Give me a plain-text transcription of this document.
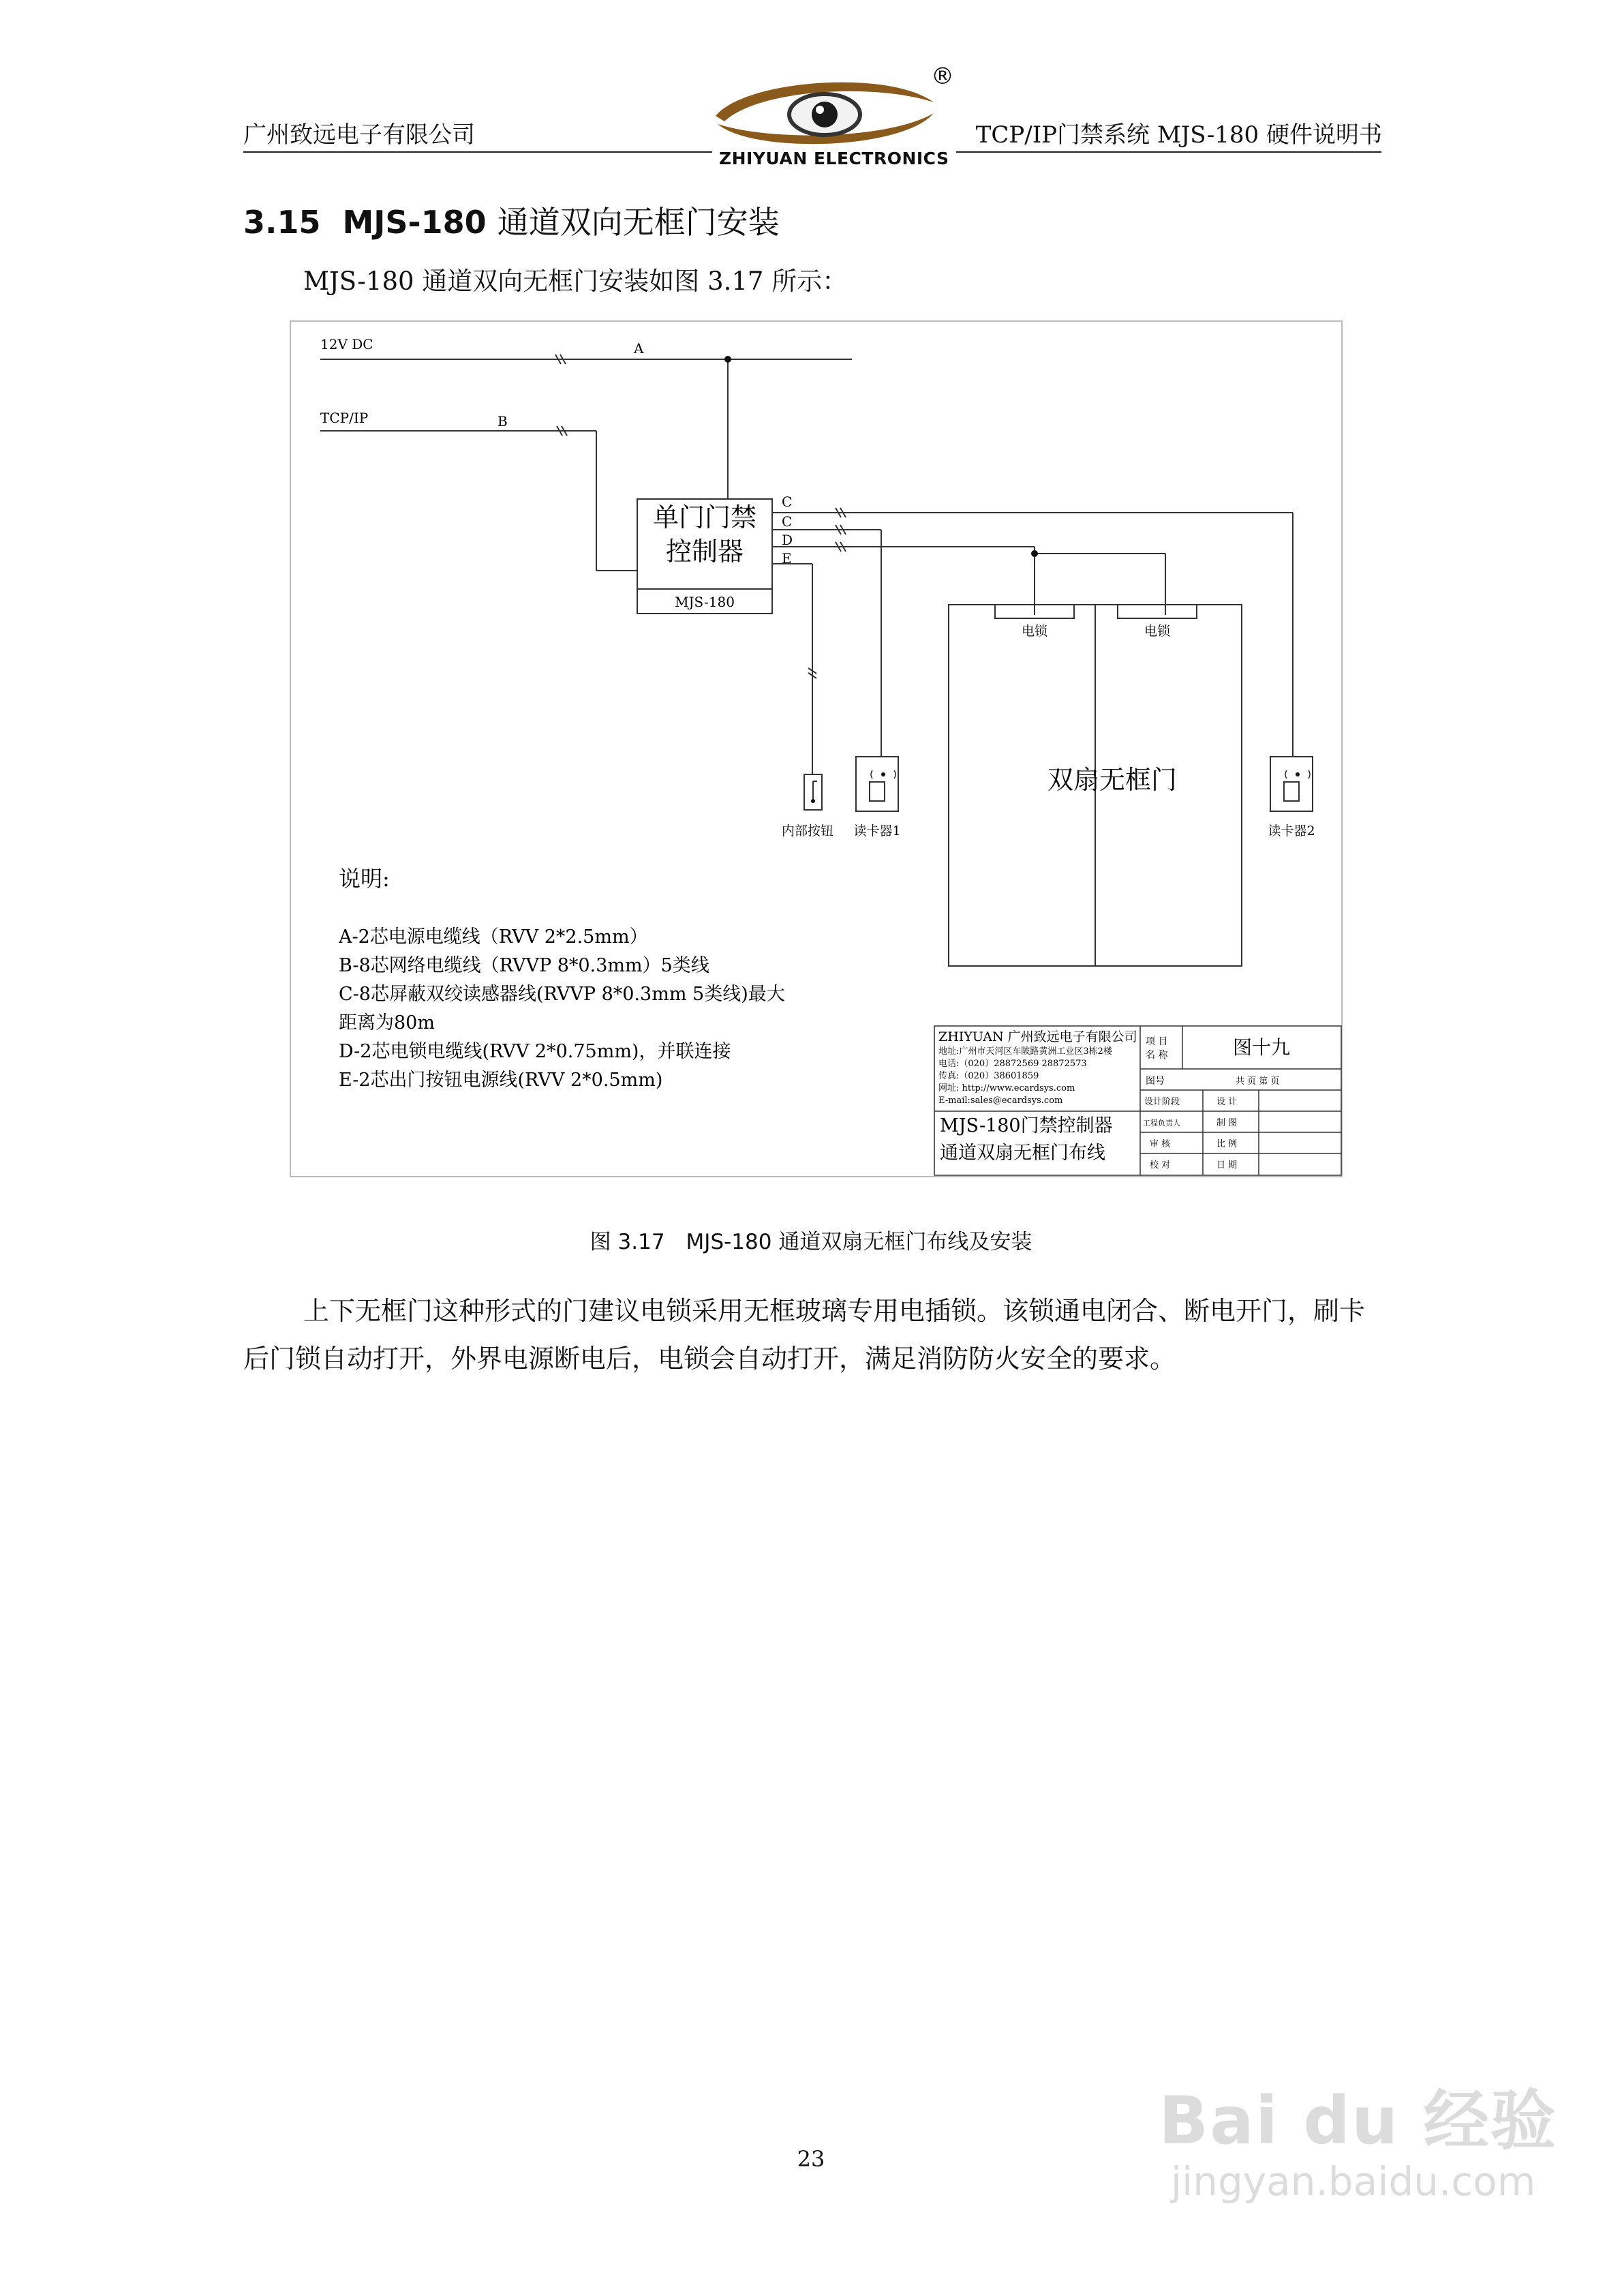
广州致远电子有限公司	TCP/IP门禁系统 MJS-180 硬件说明书
®
ZHIYUAN ELECTRONICS
3.15 MJS-180 通道双向无框门安装
MJS-180 通道双向无框门安装如图 3.17 所示：
12V DC
TCP/IP
A
B
C
C
D
E
单门门禁
控制器
MJS-180
电锁	电锁
双扇无框门
内部按钮 读卡器1	读卡器2
说明:
A-2芯电源电缆线（RVV 2*2.5mm）
B-8芯网络电缆线（RVVP 8*0.3mm）5类线
C-8芯屏蔽双绞读感器线(RVVP 8*0.3mm 5类线)最大
距离为80m
D-2芯电锁电缆线(RVV 2*0.75mm)，并联连接
E-2芯出门按钮电源线(RVV 2*0.5mm)
ZHIYUAN 广州致远电子有限公司
地址:广州市天河区车陂路黄洲工业区3栋2楼
电话:（020）28872569 28872573
传真:（020）38601859
网址: http://www.ecardsys.com
E-mail:sales@ecardsys.com
MJS-180门禁控制器
通道双扇无框门布线
项 目
名 称	图十九
图号	共 页 第 页
设计阶段	设 计
工程负责人	制 图
审 核	比 例
校 对	日 期
图 3.17　MJS-180 通道双扇无框门布线及安装
上下无框门这种形式的门建议电锁采用无框玻璃专用电插锁。该锁通电闭合、断电开门，刷卡后门锁自动打开，外界电源断电后，电锁会自动打开，满足消防防火安全的要求。
23	Bai du 经验
jingyan.baidu.com
